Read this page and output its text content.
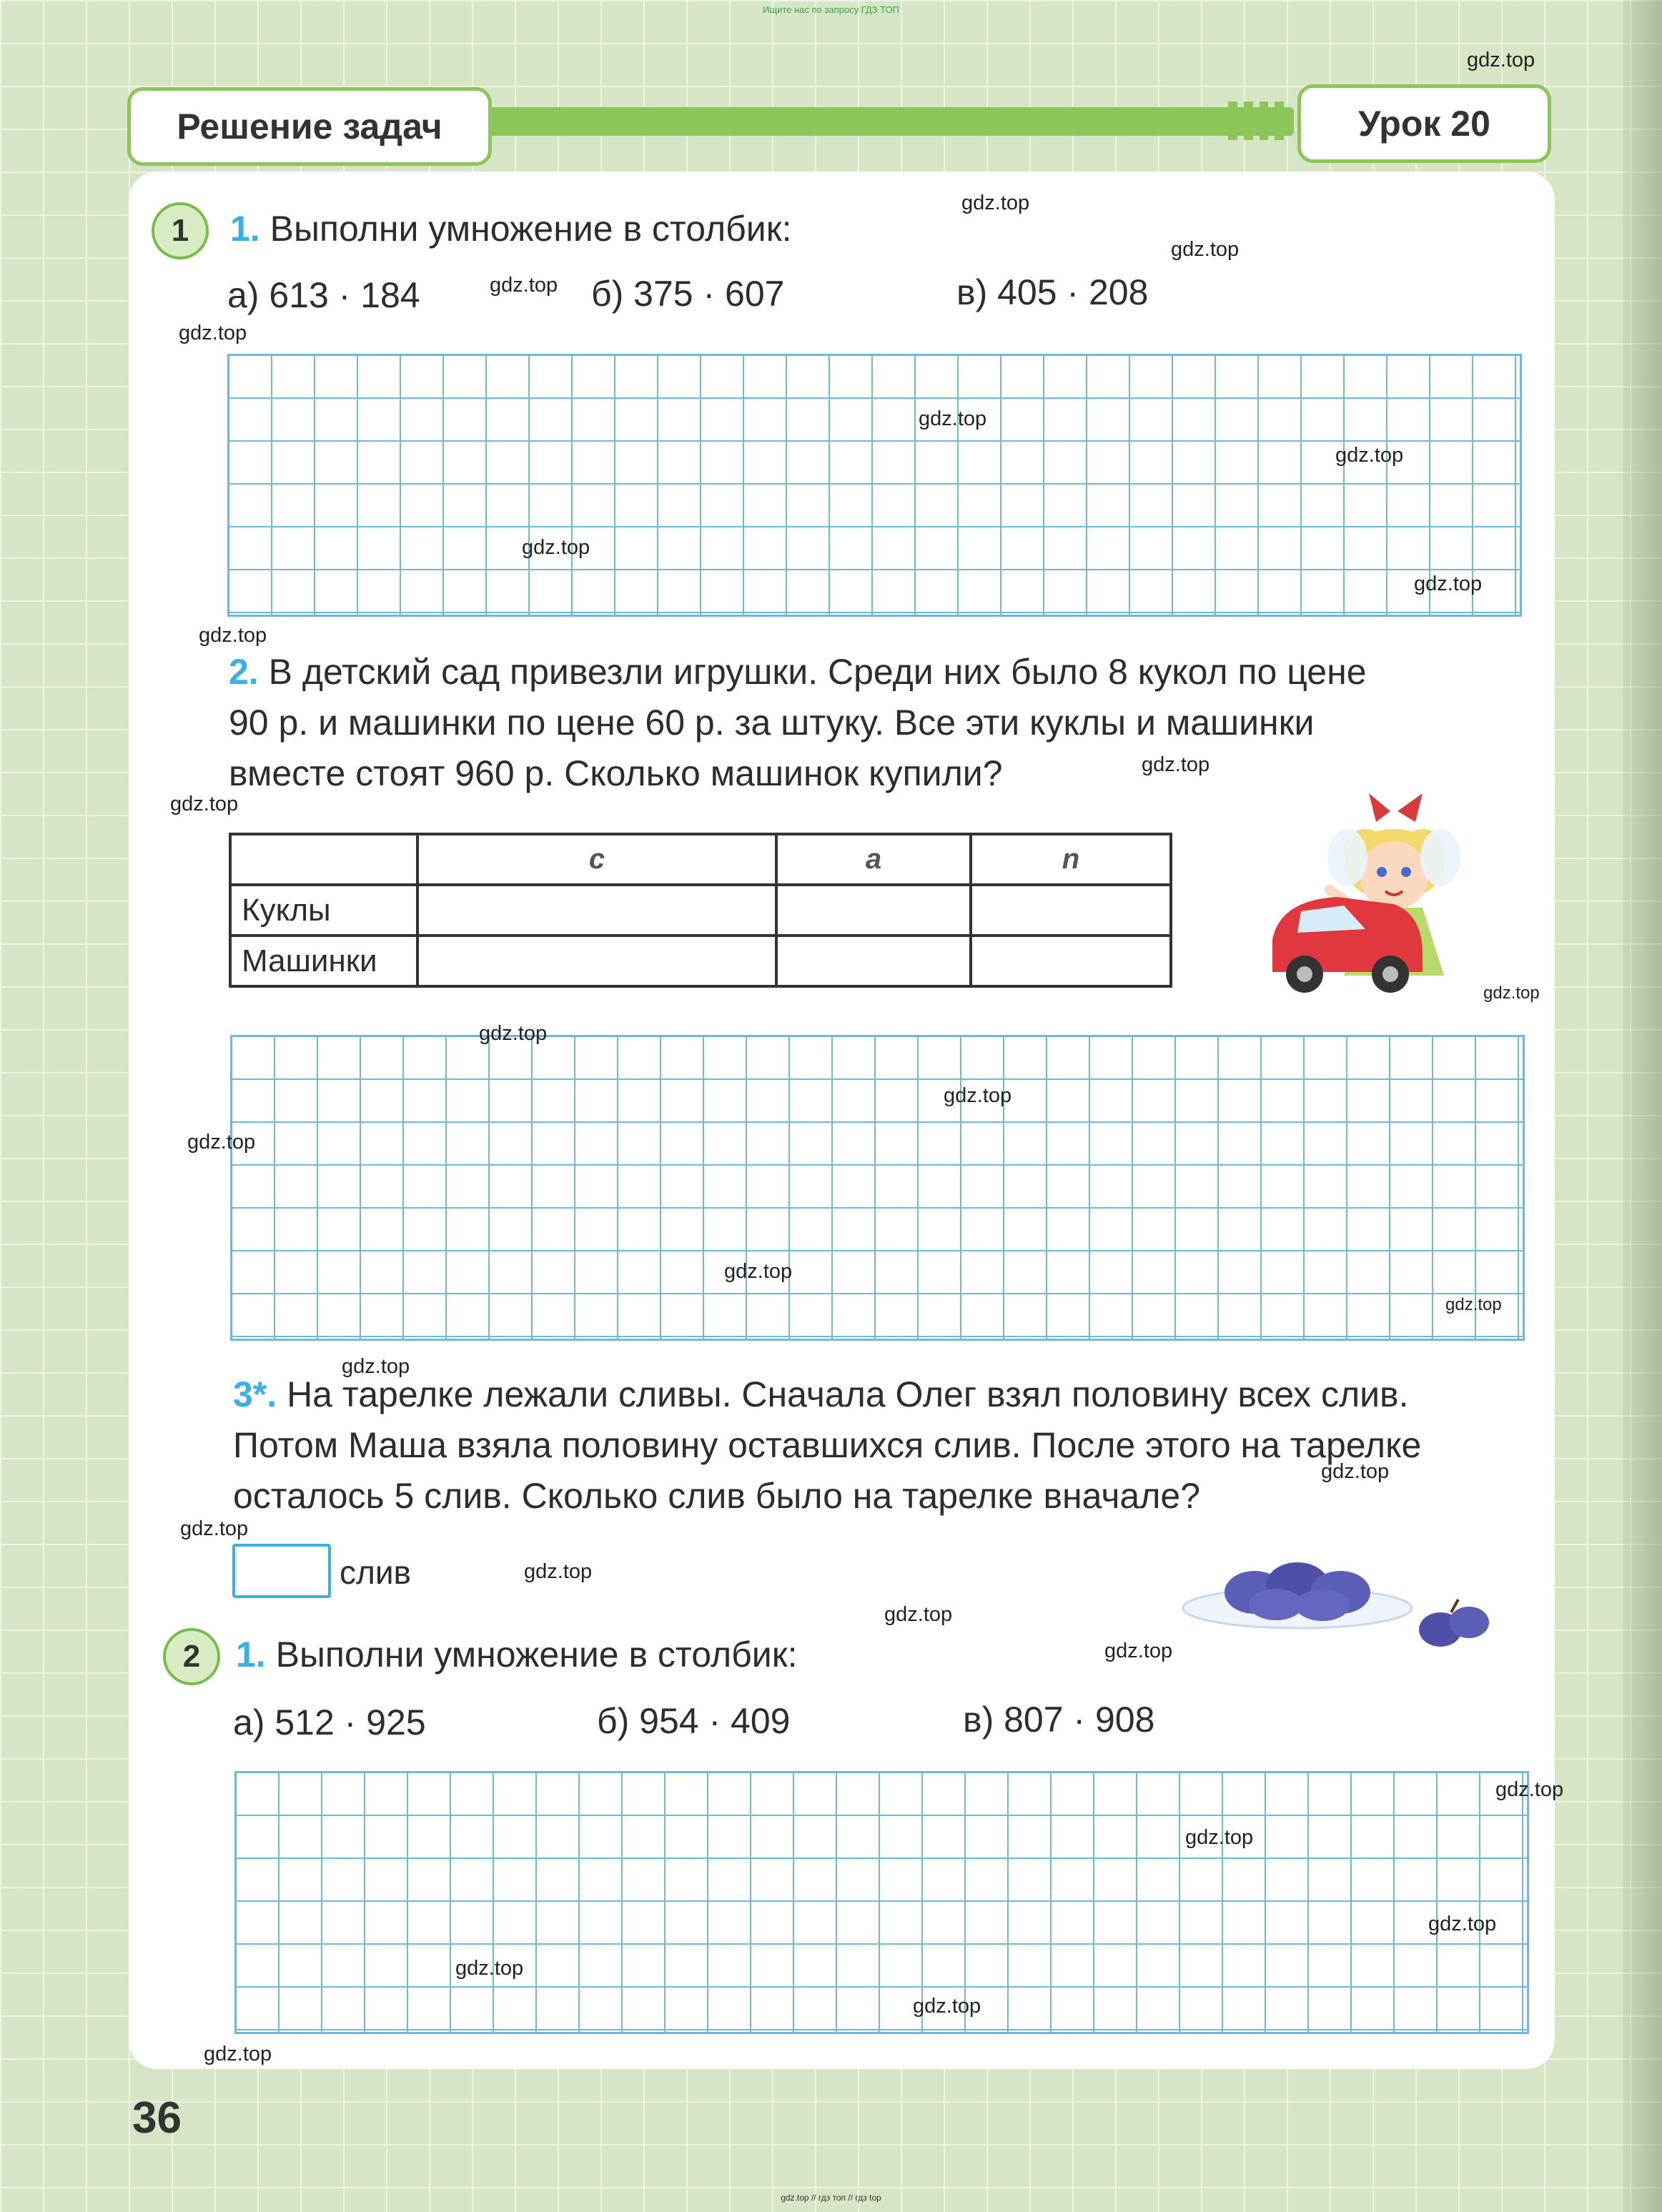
Ищите нас по запросу ГДЗ ТОП
Решение задач	Урок 20
1	1. Выполни умножение в столбик:
а) 613 · 184	б) 375 · 607	в) 405 · 208
2. В детский сад привезли игрушки. Среди них было 8 кукол по цене
90 р. и машинки по цене 60 р. за штуку. Все эти куклы и машинки
вместе стоят 960 р. Сколько машинок купили?
	c	a	n
Куклы			
Машинки			
3*. На тарелке лежали сливы. Сначала Олег взял половину всех слив.
Потом Маша взяла половину оставшихся слив. После этого на тарелке
осталось 5 слив. Сколько слив было на тарелке вначале?
слив
2 1. Выполни умножение в столбик:
а) 512 · 925	б) 954 · 409	в) 807 · 908
gdz.top
gdz.top
gdz.top
gdz.top
gdz.top
gdz.top
gdz.top
gdz.top
gdz.top
gdz.top
gdz.top
gdz.top
gdz.top
gdz.top
gdz.top
gdz.top
gdz.top
gdz.top
gdz.top
gdz.top
gdz.top
gdz.top
gdz.top
gdz.top
gdz.top
gdz.top
gdz.top
gdz.top
gdz.top
gdz.top
36
gdz.top // гдз топ // гдз top
